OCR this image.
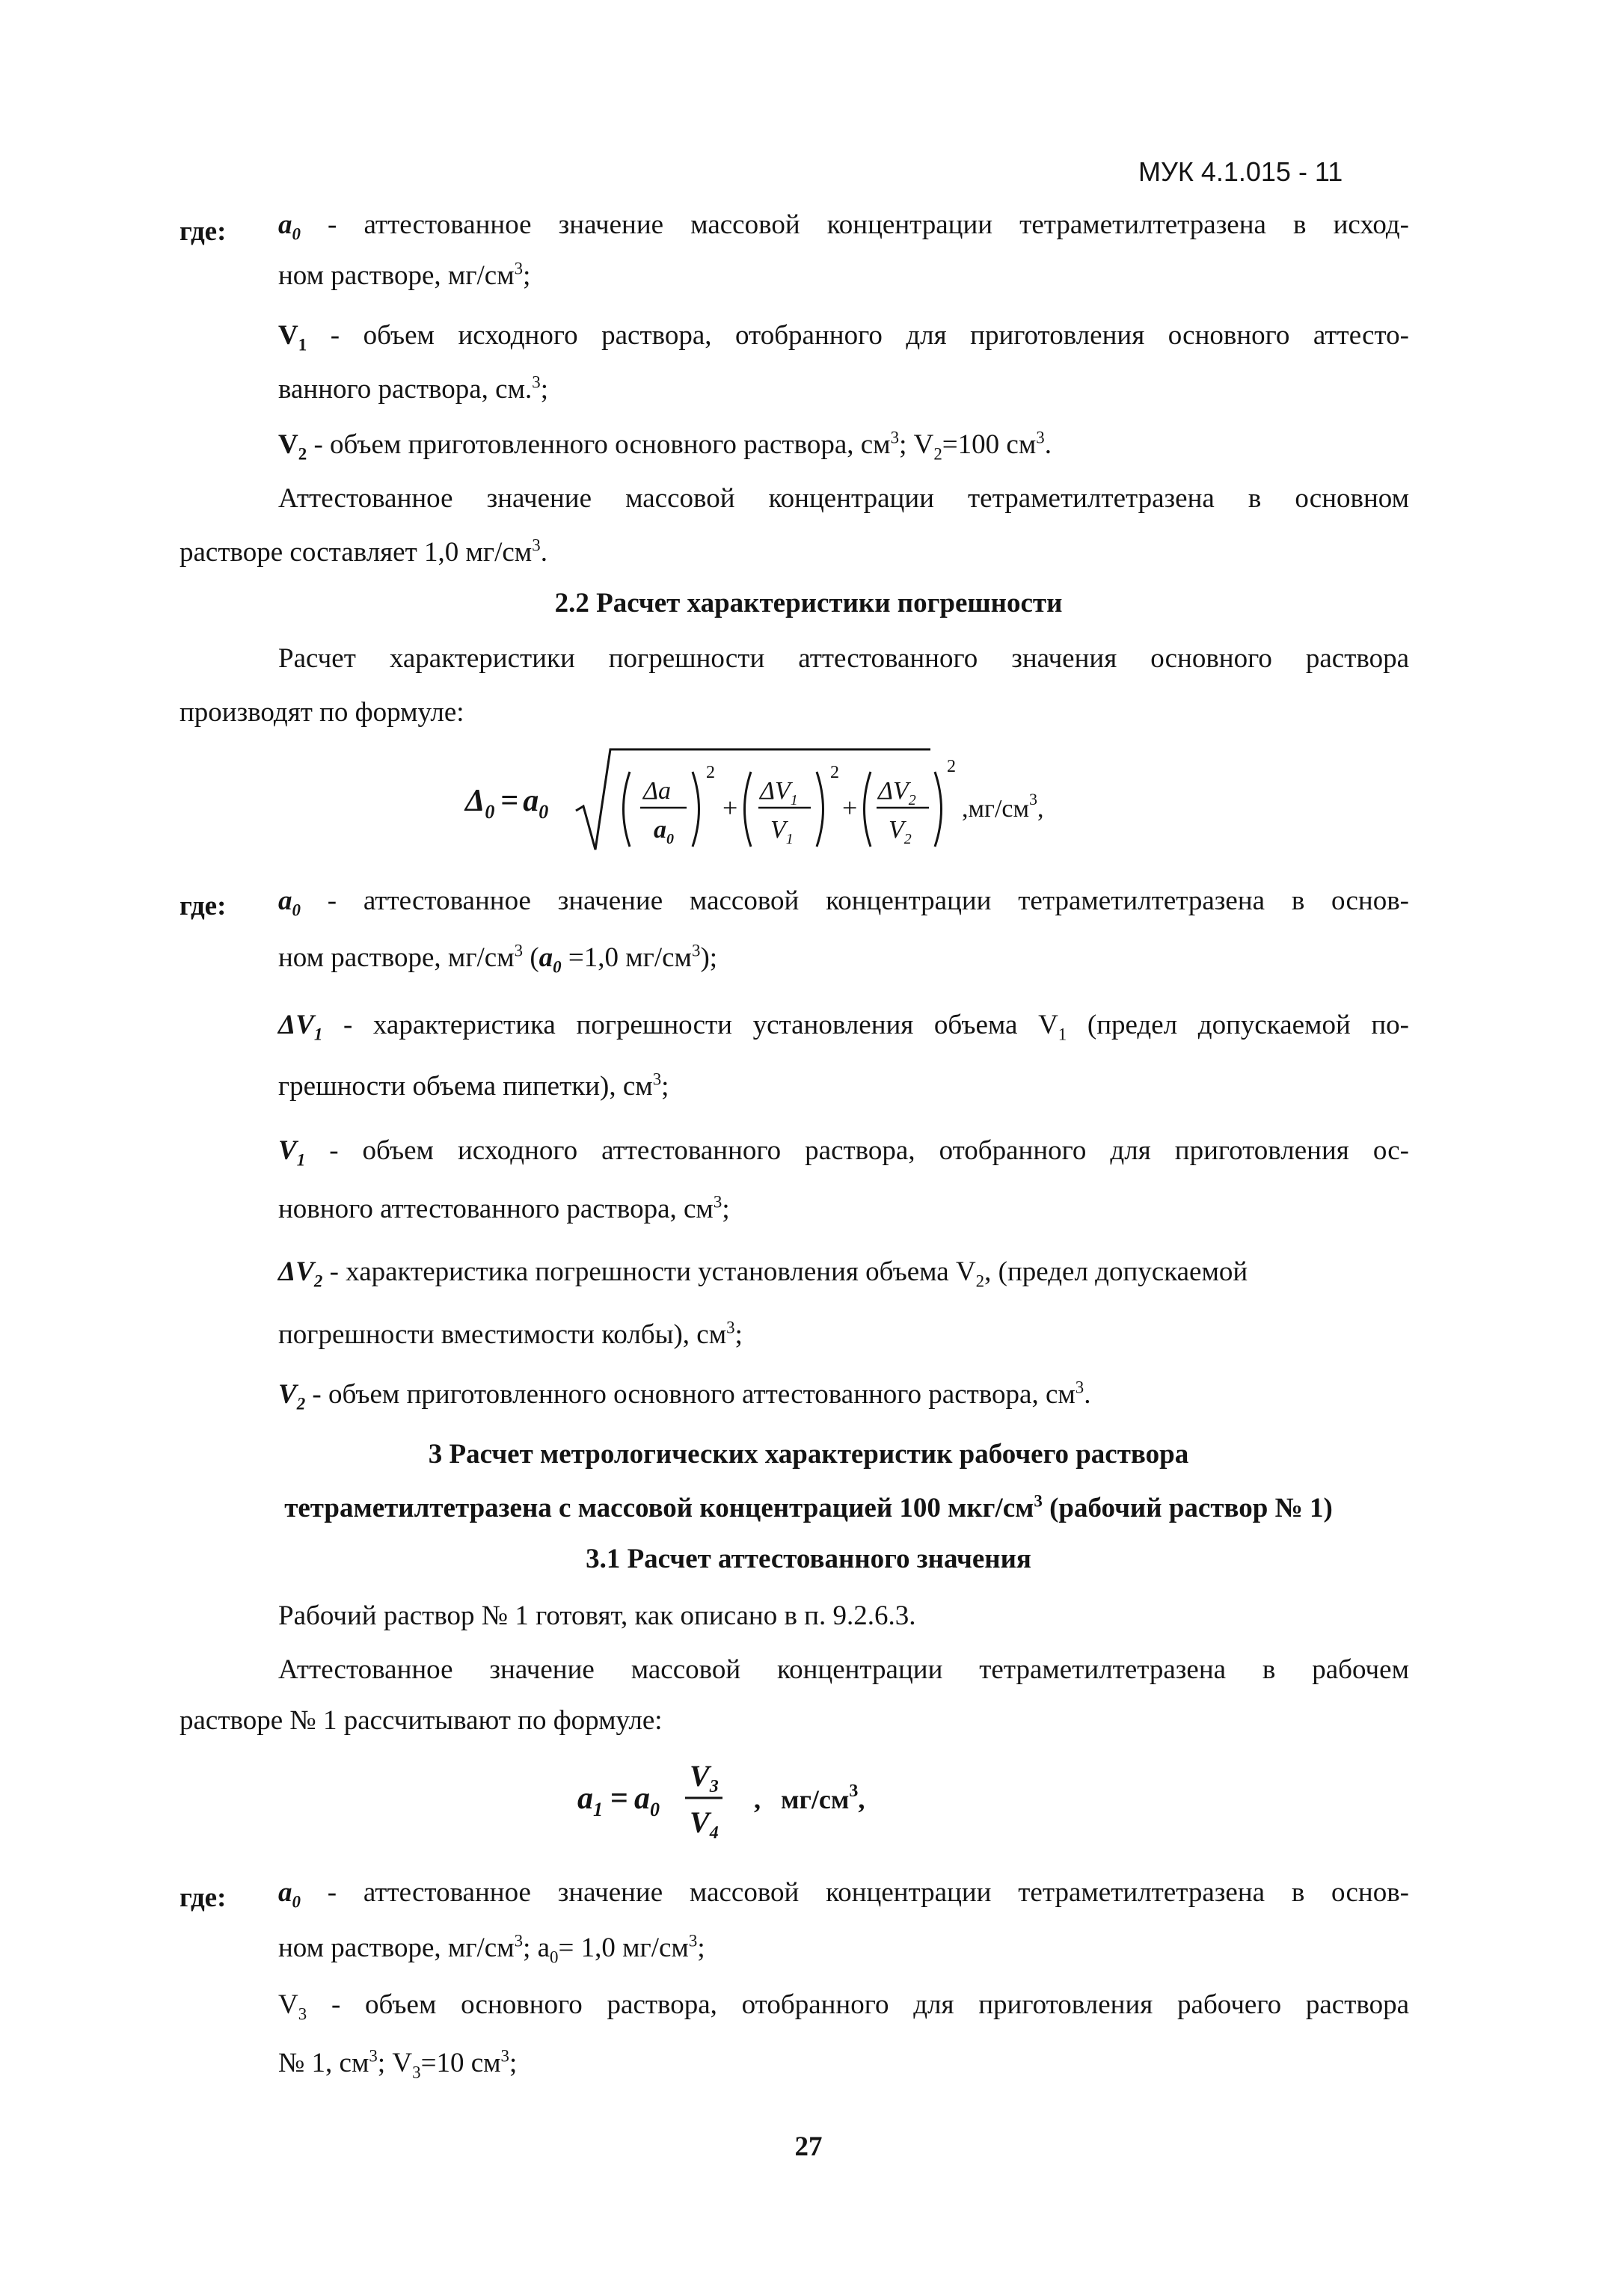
МУК 4.1.015 - 11
где: $a_0$ - аттестованное значение массовой концентрации тетраметилтетразена в исход-
ном растворе, $мг/см^3$;
$V_1$ - объем исходного раствора, отобранного для приготовления основного аттесто-
ванного раствора, см.$^3$;
$V_2$ - объем приготовленного основного раствора, $см^3$; $V_2=100$ $см^3$.
Аттестованное значение массовой концентрации тетраметилтетразена в основном
растворе составляет 1,0 $мг/см^3$.
2.2 Расчет характеристики погрешности
Расчет характеристики погрешности аттестованного значения основного раствора
производят по формуле:
$\Delta_0 = a_0$
Δa
$a_0$
2
+
$\Delta V_1$
$V_1$
2
+
$\Delta V_2$
$V_2$
2
$,мг/см^3$,
где: $a_0$ - аттестованное значение массовой концентрации тетраметилтетразена в основ-
ном растворе, $мг/см^3$ ($a_0 =1,0$ $мг/см^3$);
$\Delta V_1$ - характеристика погрешности установления объема $V_1$ (предел допускаемой по-
грешности объема пипетки), $см^3$;
$V_1$ - объем исходного аттестованного раствора, отобранного для приготовления ос-
новного аттестованного раствора, $см^3$;
$\Delta V_2$ - характеристика погрешности установления объема $V_2$, (предел допускаемой
погрешности вместимости колбы), $см^3$;
$V_2$ - объем приготовленного основного аттестованного раствора, $см^3$.
3 Расчет метрологических характеристик рабочего раствора
тетраметилтетразена с массовой концентрацией 100 мкг/$см^3$ (рабочий раствор № 1)
3.1 Расчет аттестованного значения
Рабочий раствор № 1 готовят, как описано в п. 9.2.6.3.
Аттестованное значение массовой концентрации тетраметилтетразена в рабочем
растворе № 1 рассчитывают по формуле:
$a_1 = a_0$
$V_3$
$V_4$
,   $мг/см^3$,
где: $a_0$ - аттестованное значение массовой концентрации тетраметилтетразена в основ-
ном растворе, $мг/см^3$; $a_0= 1,0$ $мг/см^3$;
$V_3$ - объем основного раствора, отобранного для приготовления рабочего раствора
№ 1, $см^3$; $V_3=10$ $см^3$;
27
